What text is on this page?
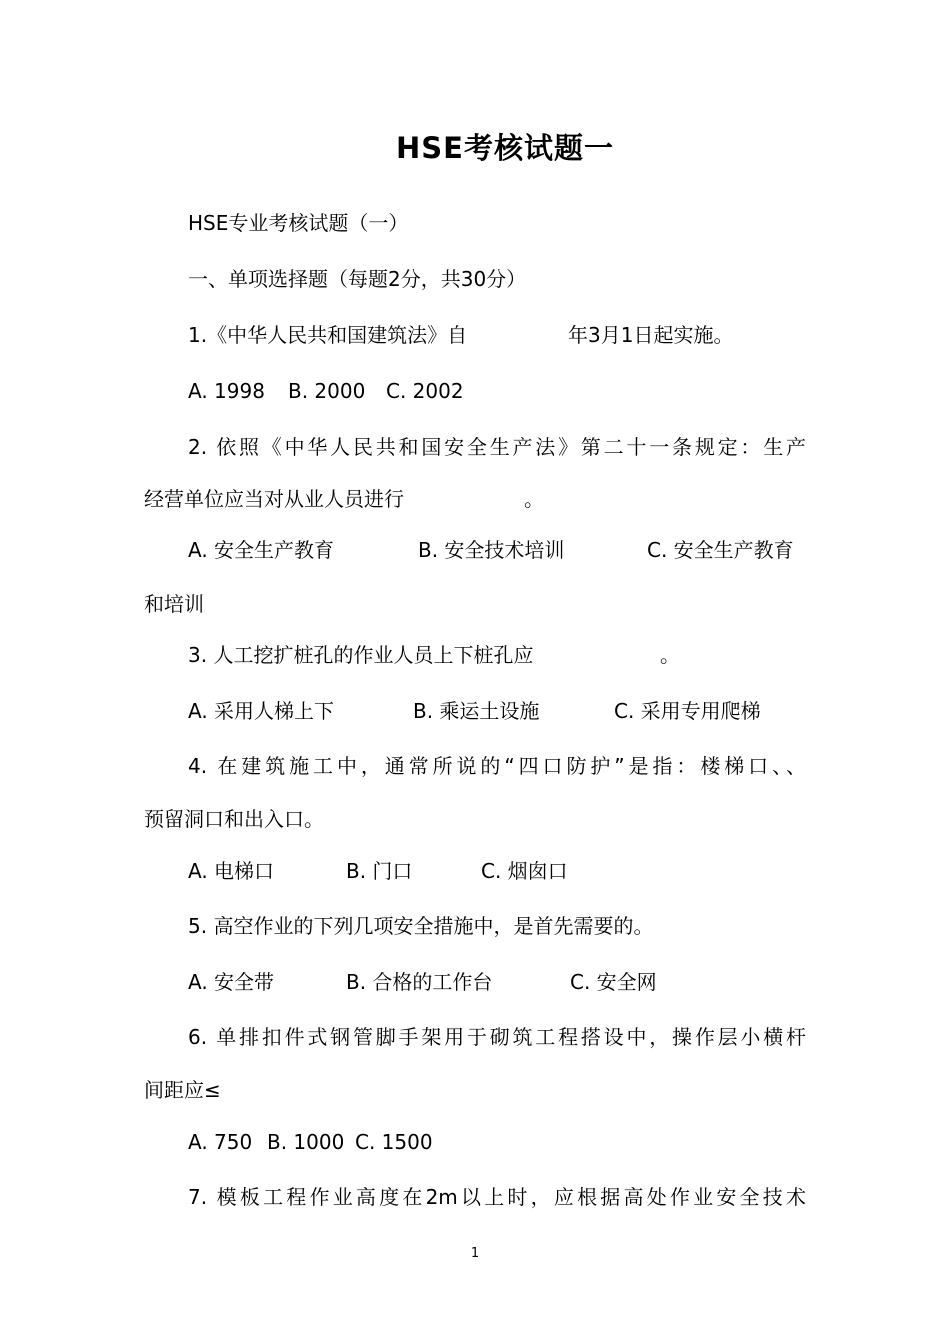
HSE考核试题一
HSE专业考核试题（一）
一、单项选择题（每题2分，共30分）
1.《中华人民共和国建筑法》自	年3月1日起实施。
A. 1998 B. 2000 C. 2002
2. 依照《中华人民共和国安全生产法》第二十一条规定：生产
经营单位应当对从业人员进行	。
A. 安全生产教育	B. 安全技术培训	C. 安全生产教育
和培训
3. 人工挖扩桩孔的作业人员上下桩孔应	。
A. 采用人梯上下	B. 乘运土设施	C. 采用专用爬梯
4. 在建筑施工中，通常所说的“四口防护”是指：楼梯口、、
预留洞口和出入口。
A. 电梯口	B. 门口	C. 烟囱口
5. 高空作业的下列几项安全措施中，是首先需要的。
A. 安全带	B. 合格的工作台	C. 安全网
6. 单排扣件式钢管脚手架用于砌筑工程搭设中，操作层小横杆
间距应≤
A. 750 B. 1000 C. 1500
7. 模板工程作业高度在2m以上时，应根据高处作业安全技术
1
